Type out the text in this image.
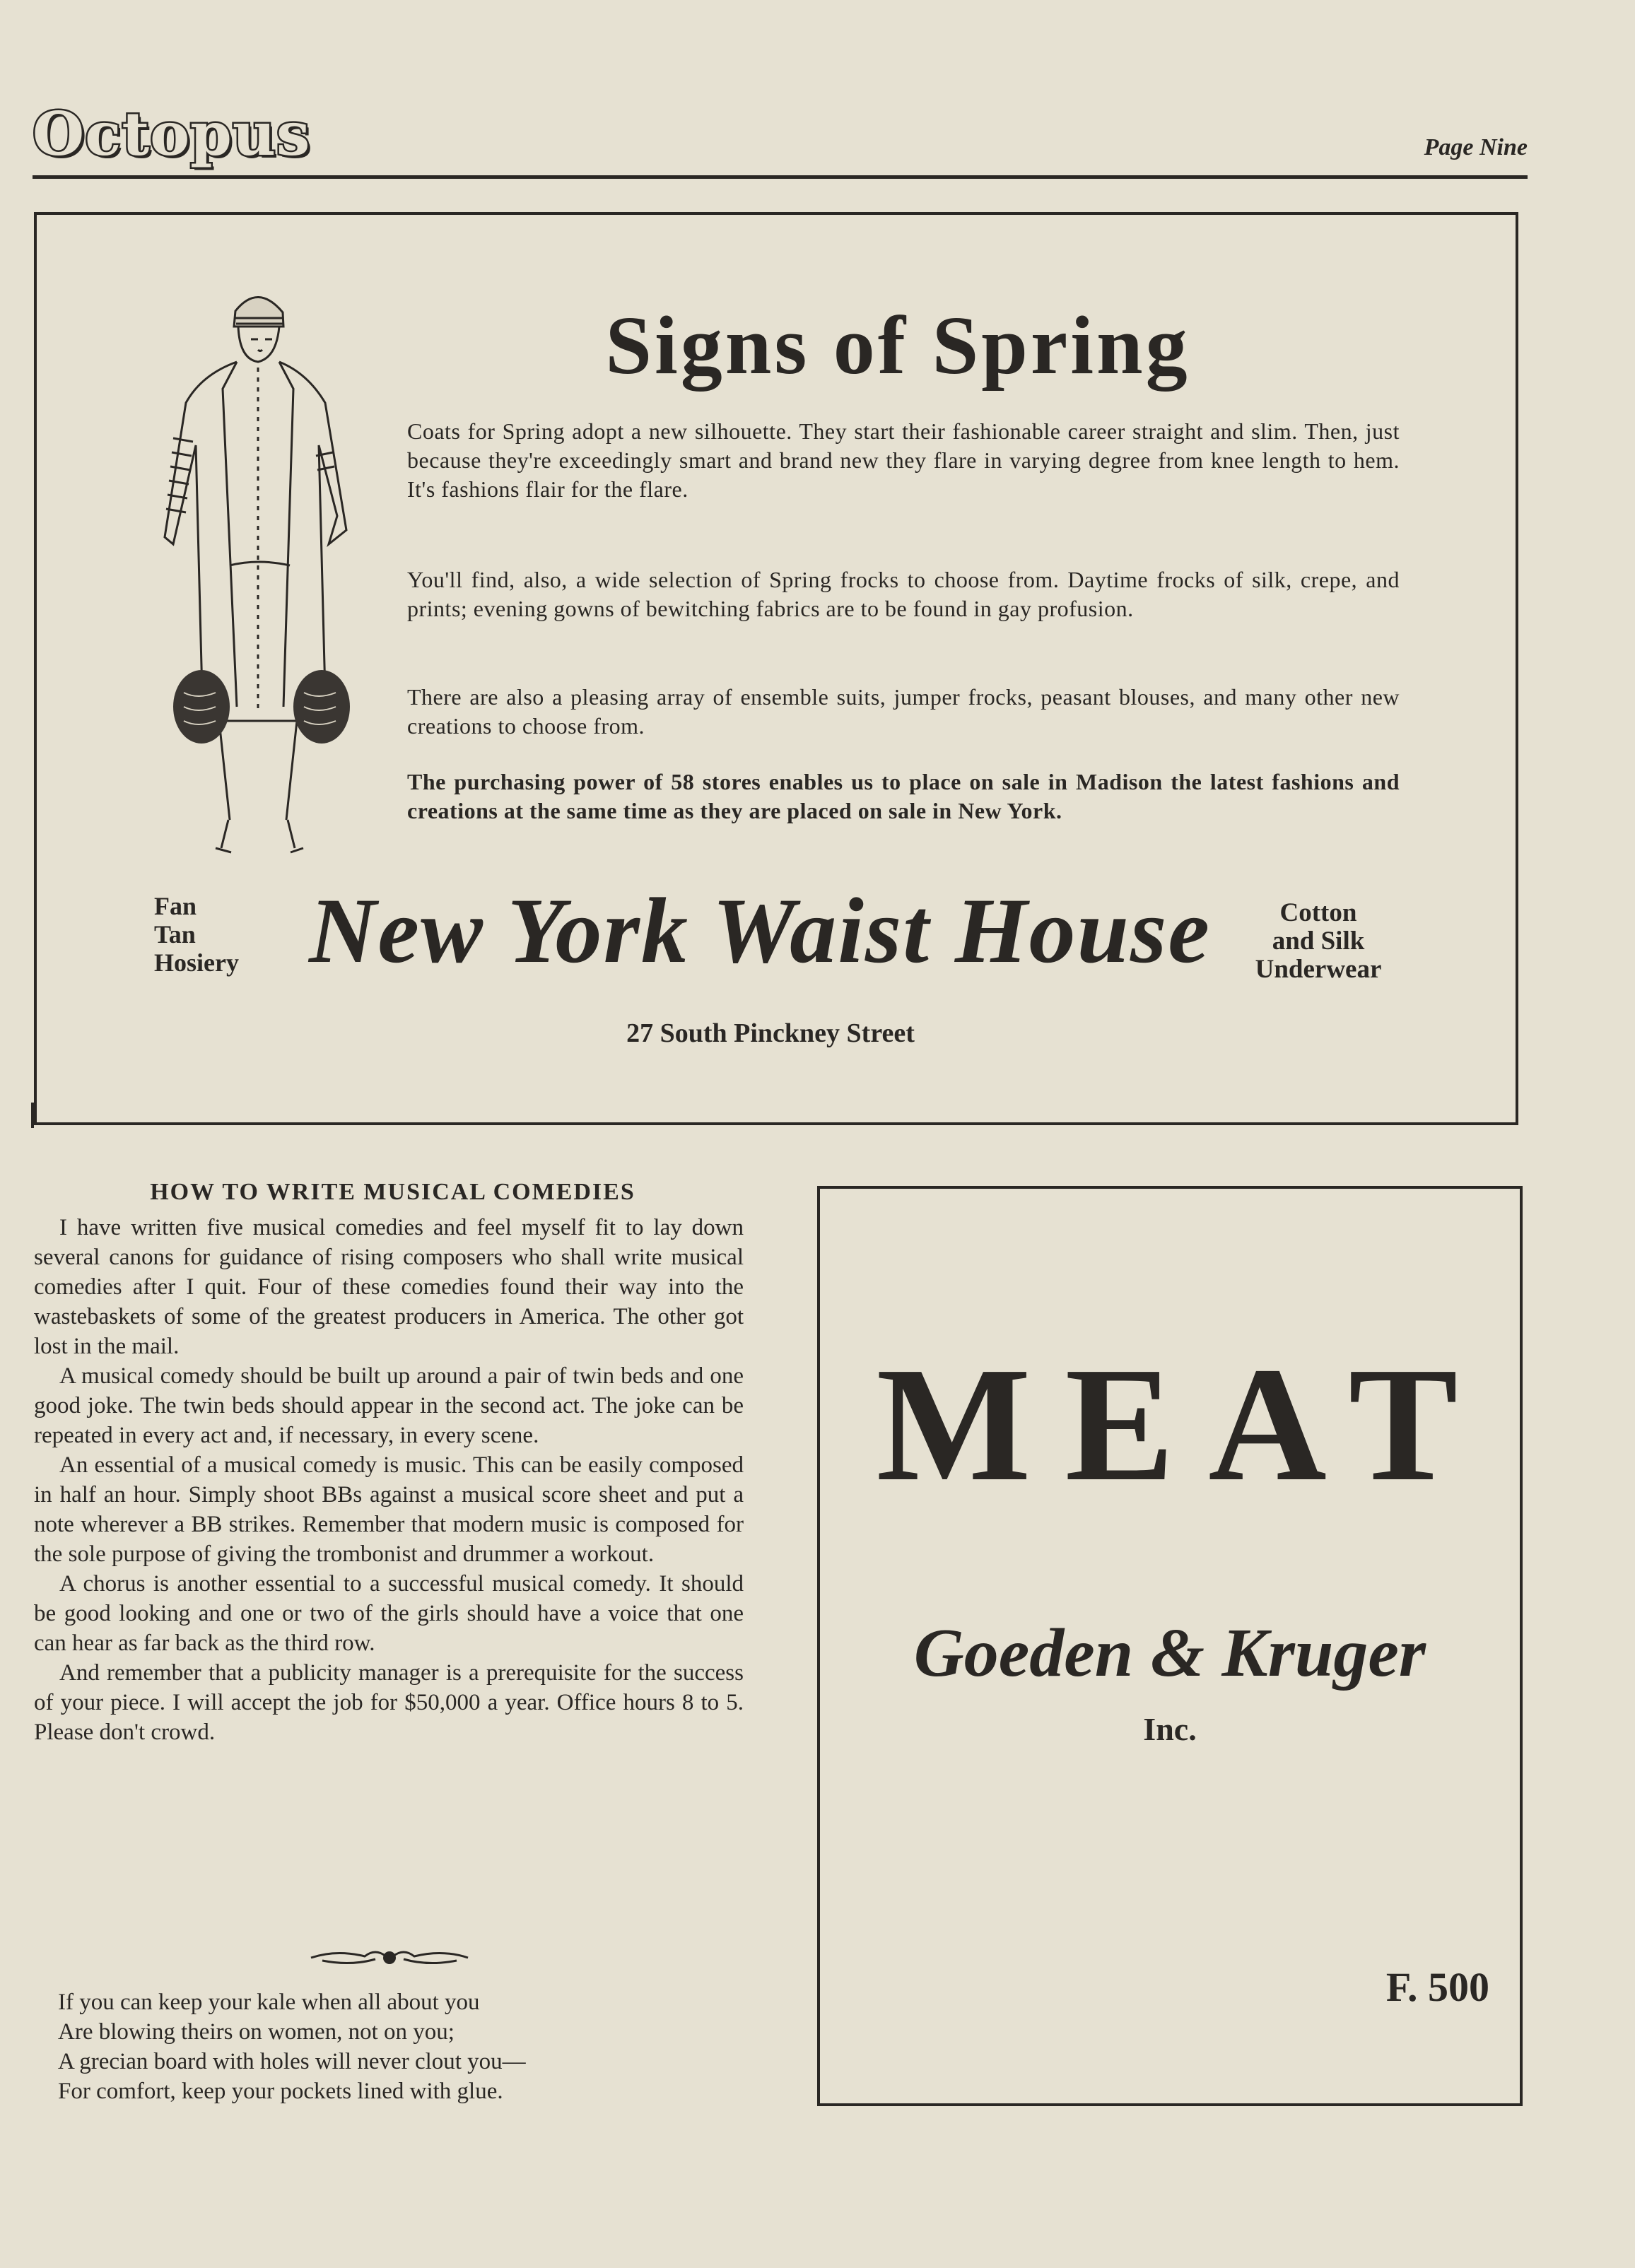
Octopus	Page Nine
Signs of Spring

Coats for Spring adopt a new silhouette. They start their fashionable career straight and slim. Then, just because they're exceedingly smart and brand new they flare in varying degree from knee length to hem. It's fashions flair for the flare.

You'll find, also, a wide selection of Spring frocks to choose from. Daytime frocks of silk, crepe, and prints; evening gowns of bewitching fabrics are to be found in gay profusion.

There are also a pleasing array of ensemble suits, jumper frocks, peasant blouses, and many other new creations to choose from.

The purchasing power of 58 stores enables us to place on sale in Madison the latest fashions and creations at the same time as they are placed on sale in New York.

Fan
Tan
Hosiery New York Waist House	Cotton
and Silk
Underwear
27 South Pinckney Street
HOW TO WRITE MUSICAL COMEDIES

I have written five musical comedies and feel myself fit to lay down several canons for guidance of rising composers who shall write musical comedies after I quit. Four of these comedies found their way into the wastebaskets of some of the greatest producers in America. The other got lost in the mail.

A musical comedy should be built up around a pair of twin beds and one good joke. The twin beds should appear in the second act. The joke can be repeated in every act and, if necessary, in every scene.

An essential of a musical comedy is music. This can be easily composed in half an hour. Simply shoot BBs against a musical score sheet and put a note wherever a BB strikes. Remember that modern music is composed for the sole purpose of giving the trombonist and drummer a workout.

A chorus is another essential to a successful musical comedy. It should be good looking and one or two of the girls should have a voice that one can hear as far back as the third row.

And remember that a publicity manager is a prerequisite for the success of your piece. I will accept the job for $50,000 a year. Office hours 8 to 5. Please don't crowd.

If you can keep your kale when all about you
Are blowing theirs on women, not on you;
A grecian board with holes will never clout you—
For comfort, keep your pockets lined with glue.
MEAT
Goeden & Kruger
Inc.
F. 500
